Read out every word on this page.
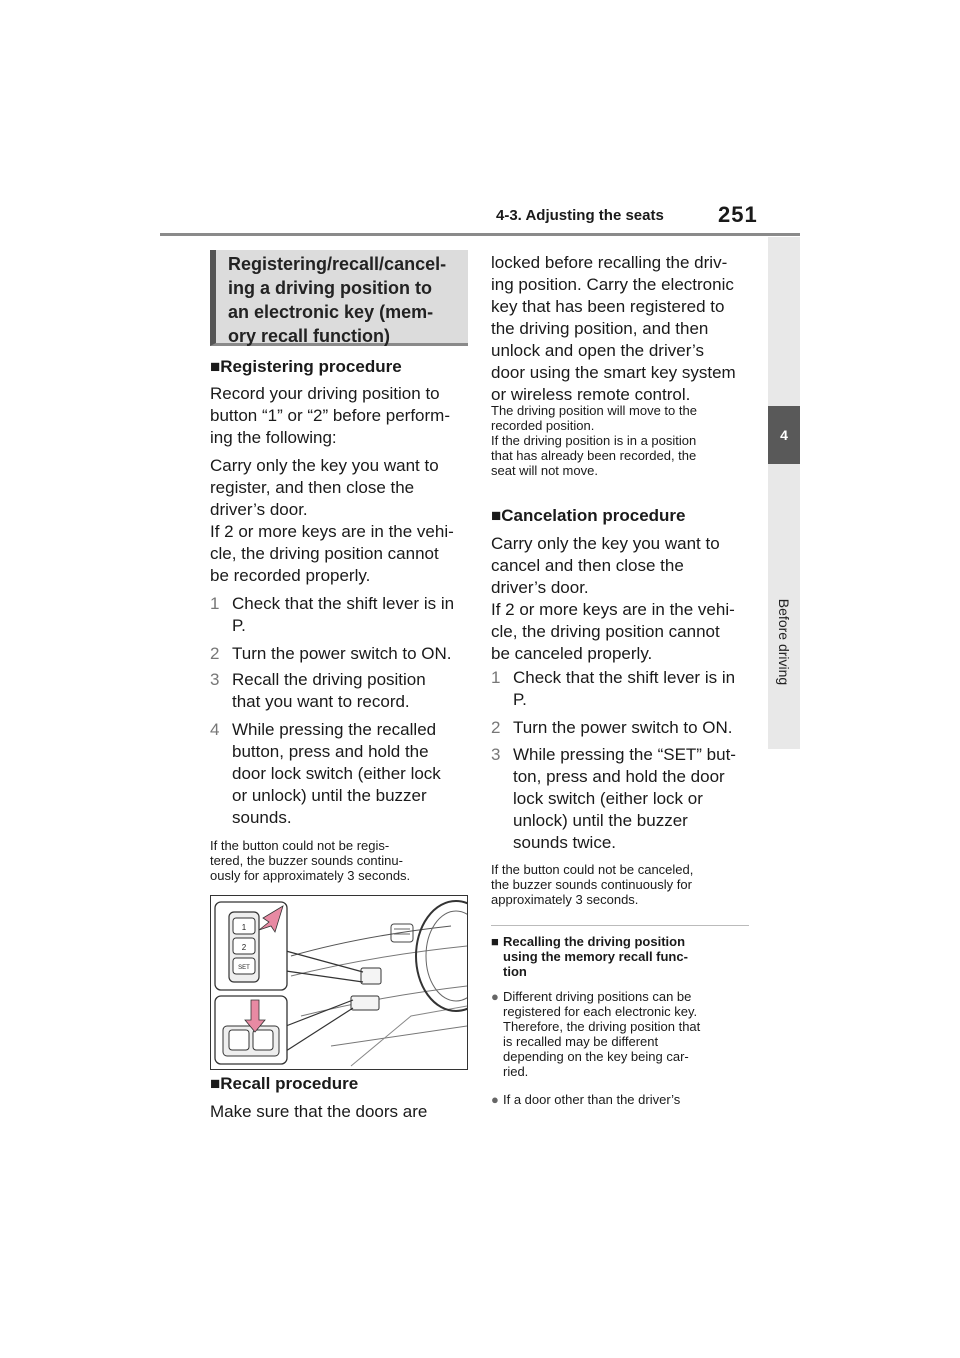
4-3. Adjusting the seats 251
4
Before driving
Registering/recall/cancel-
ing a driving position to
an electronic key (mem-
ory recall function)
■Registering procedure
Record your driving position to
button “1” or “2” before perform-
ing the following:
Carry only the key you want to
register, and then close the
driver’s door.
If 2 or more keys are in the vehi-
cle, the driving position cannot
be recorded properly.
1 Check that the shift lever is in
P.
2 Turn the power switch to ON.
3 Recall the driving position
that you want to record.
4 While pressing the recalled
button, press and hold the
door lock switch (either lock
or unlock) until the buzzer
sounds.
If the button could not be regis-
tered, the buzzer sounds continu-
ously for approximately 3 seconds.
1
2
SET
■Recall procedure
Make sure that the doors are
locked before recalling the driv-
ing position. Carry the electronic
key that has been registered to
the driving position, and then
unlock and open the driver’s
door using the smart key system
or wireless remote control.
The driving position will move to the
recorded position.
If the driving position is in a position
that has already been recorded, the
seat will not move.
■Cancelation procedure
Carry only the key you want to
cancel and then close the
driver’s door.
If 2 or more keys are in the vehi-
cle, the driving position cannot
be canceled properly.
1 Check that the shift lever is in
P.
2 Turn the power switch to ON.
3 While pressing the “SET” but-
ton, press and hold the door
lock switch (either lock or
unlock) until the buzzer
sounds twice.
If the button could not be canceled,
the buzzer sounds continuously for
approximately 3 seconds.
■ Recalling the driving position
using the memory recall func-
tion
● Different driving positions can be
registered for each electronic key.
Therefore, the driving position that
is recalled may be different
depending on the key being car-
ried.
● If a door other than the driver’s
